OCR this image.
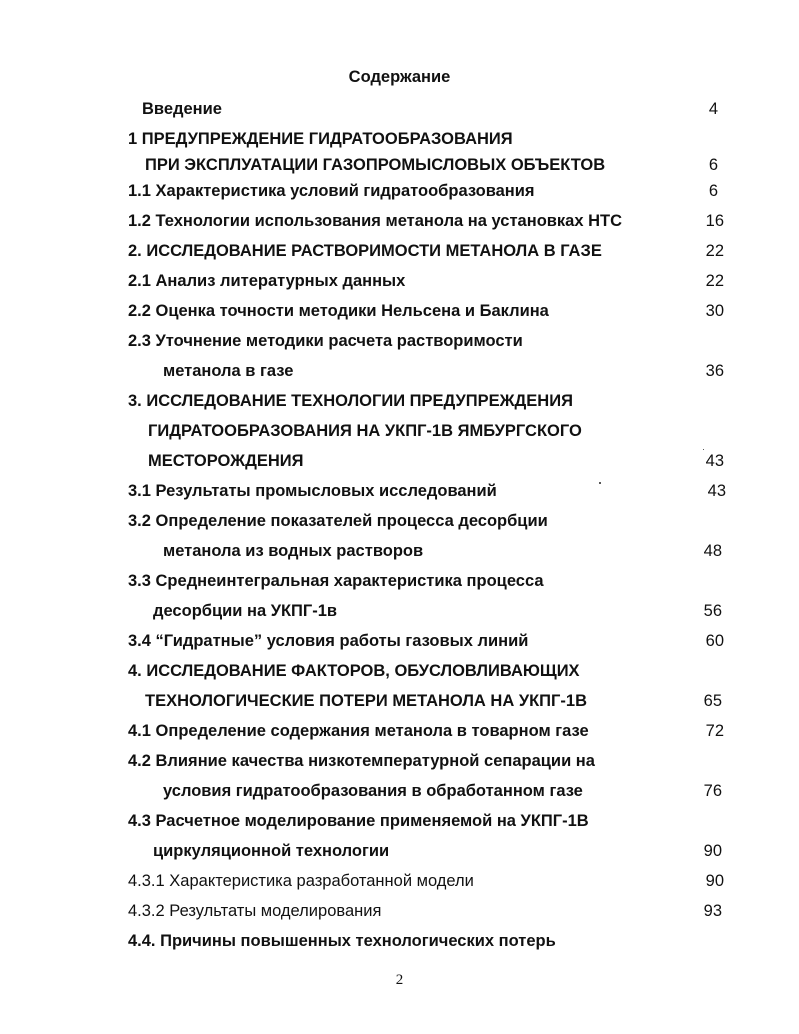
Содержание
Введение	4
1 ПРЕДУПРЕЖДЕНИЕ ГИДРАТООБРАЗОВАНИЯ
ПРИ ЭКСПЛУАТАЦИИ ГАЗОПРОМЫСЛОВЫХ ОБЪЕКТОВ	6
1.1 Характеристика условий гидратообразования	6
1.2 Технологии использования метанола на установках НТС	16
2. ИССЛЕДОВАНИЕ РАСТВОРИМОСТИ МЕТАНОЛА В ГАЗЕ	22
2.1 Анализ литературных данных	22
2.2 Оценка точности методики Нельсена и Баклина	30
2.3 Уточнение методики расчета растворимости
метанола в газе	36
3. ИССЛЕДОВАНИЕ ТЕХНОЛОГИИ ПРЕДУПРЕЖДЕНИЯ
ГИДРАТООБРАЗОВАНИЯ НА УКПГ-1В ЯМБУРГСКОГО
МЕСТОРОЖДЕНИЯ	43
3.1 Результаты промысловых исследований	43
3.2 Определение показателей процесса десорбции
метанола из водных растворов	48
3.3 Среднеинтегральная характеристика процесса
десорбции на УКПГ-1в	56
3.4 “Гидратные” условия работы газовых линий	60
4. ИССЛЕДОВАНИЕ ФАКТОРОВ, ОБУСЛОВЛИВАЮЩИХ
ТЕХНОЛОГИЧЕСКИЕ ПОТЕРИ МЕТАНОЛА НА УКПГ-1В	65
4.1 Определение содержания метанола в товарном газе	72
4.2 Влияние качества низкотемпературной сепарации на
условия гидратообразования в обработанном газе	76
4.3 Расчетное моделирование применяемой на УКПГ-1В
циркуляционной технологии	90
4.3.1 Характеристика разработанной модели	90
4.3.2 Результаты моделирования	93
4.4. Причины повышенных технологических потерь
2
